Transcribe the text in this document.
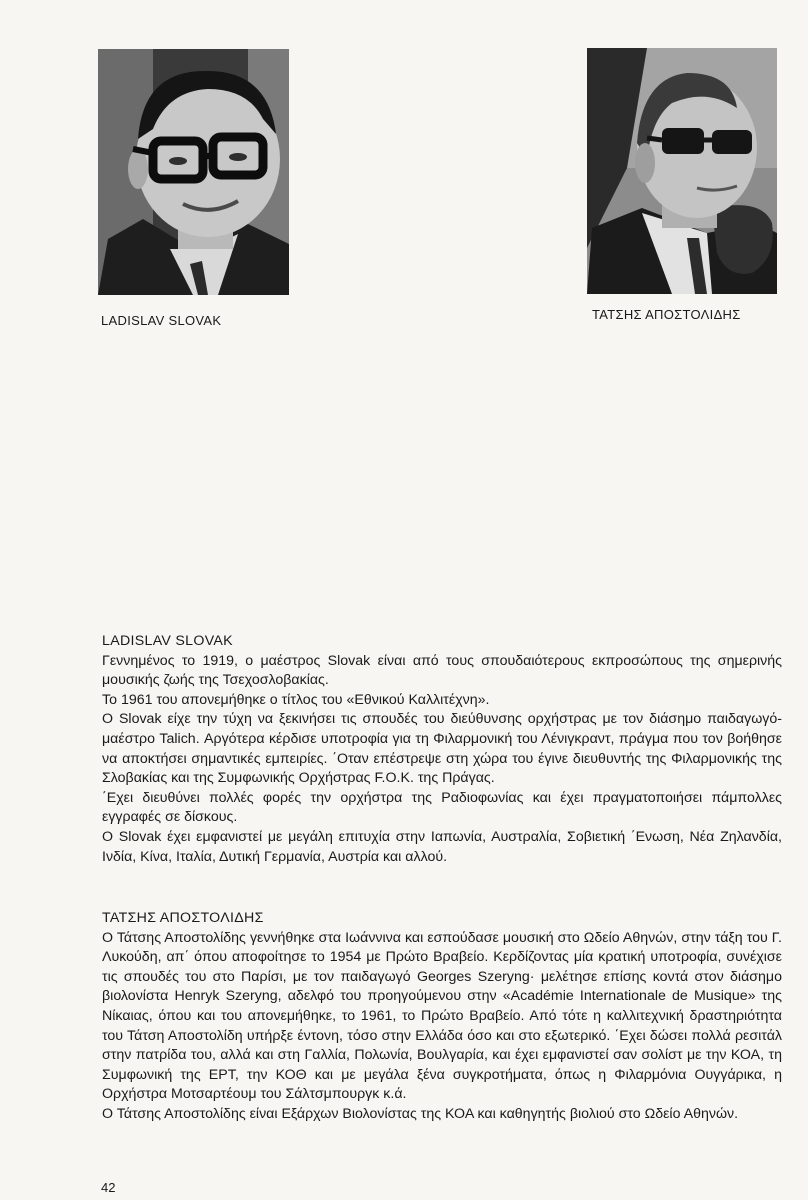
LADISLAV SLOVAK	ΤΑΤΣΗΣ ΑΠΟΣΤΟΛΙΔΗΣ
LADISLAV SLOVAK

Γεννημένος το 1919, ο μαέστρος Slovak είναι από τους σπουδαιότερους εκπροσώπους της σημερινής μουσικής ζωής της Τσεχοσλοβακίας.

Το 1961 του απονεμήθηκε ο τίτλος του «Εθνικού Καλλιτέχνη».

Ο Slovak είχε την τύχη να ξεκινήσει τις σπουδές του διεύθυνσης ορχήστρας με τον διάσημο παιδαγωγό-μαέστρο Talich. Αργότερα κέρδισε υποτροφία για τη Φιλαρμονική του Λένιγκραντ, πράγμα που τον βοήθησε να αποκτήσει σημαντικές εμπειρίες. ΄Οταν επέστρεψε στη χώρα του έγινε διευθυντής της Φιλαρμονικής της Σλοβακίας και της Συμφωνικής Ορχήστρας F.O.K. της Πράγας.

΄Εχει διευθύνει πολλές φορές την ορχήστρα της Ραδιοφωνίας και έχει πραγματοποιήσει πάμπολλες εγγραφές σε δίσκους.

Ο Slovak έχει εμφανιστεί με μεγάλη επιτυχία στην Ιαπωνία, Αυστραλία, Σοβιετική ΄Ενωση, Νέα Ζηλανδία, Ινδία, Κίνα, Ιταλία, Δυτική Γερμανία, Αυστρία και αλλού.

ΤΑΤΣΗΣ ΑΠΟΣΤΟΛΙΔΗΣ

Ο Τάτσης Αποστολίδης γεννήθηκε στα Ιωάννινα και εσπούδασε μουσική στο Ωδείο Αθηνών, στην τάξη του Γ. Λυκούδη, απ΄ όπου αποφοίτησε το 1954 με Πρώτο Βραβείο. Κερδίζοντας μία κρατική υποτροφία, συνέχισε τις σπουδές του στο Παρίσι, με τον παιδαγωγό Georges Szeryng· μελέτησε επίσης κοντά στον διάσημο βιολονίστα Henryk Szeryng, αδελφό του προηγούμενου στην «Académie Internationale de Musique» της Νίκαιας, όπου και του απονεμήθηκε, το 1961, το Πρώτο Βραβείο. Από τότε η καλλιτεχνική δραστηριότητα του Τάτση Αποστολίδη υπήρξε έντονη, τόσο στην Ελλάδα όσο και στο εξωτερικό. ΄Εχει δώσει πολλά ρεσιτάλ στην πατρίδα του, αλλά και στη Γαλλία, Πολωνία, Βουλγαρία, και έχει εμφανιστεί σαν σολίστ με την ΚΟΑ, τη Συμφωνική της ΕΡΤ, την ΚΟΘ και με μεγάλα ξένα συγκροτήματα, όπως η Φιλαρμόνια Ουγγάρικα, η Ορχήστρα Μοτσαρτέουμ του Σάλτσμπουργκ κ.ά.

Ο Τάτσης Αποστολίδης είναι Εξάρχων Βιολονίστας της ΚΟΑ και καθηγητής βιολιού στο Ωδείο Αθηνών.

42
